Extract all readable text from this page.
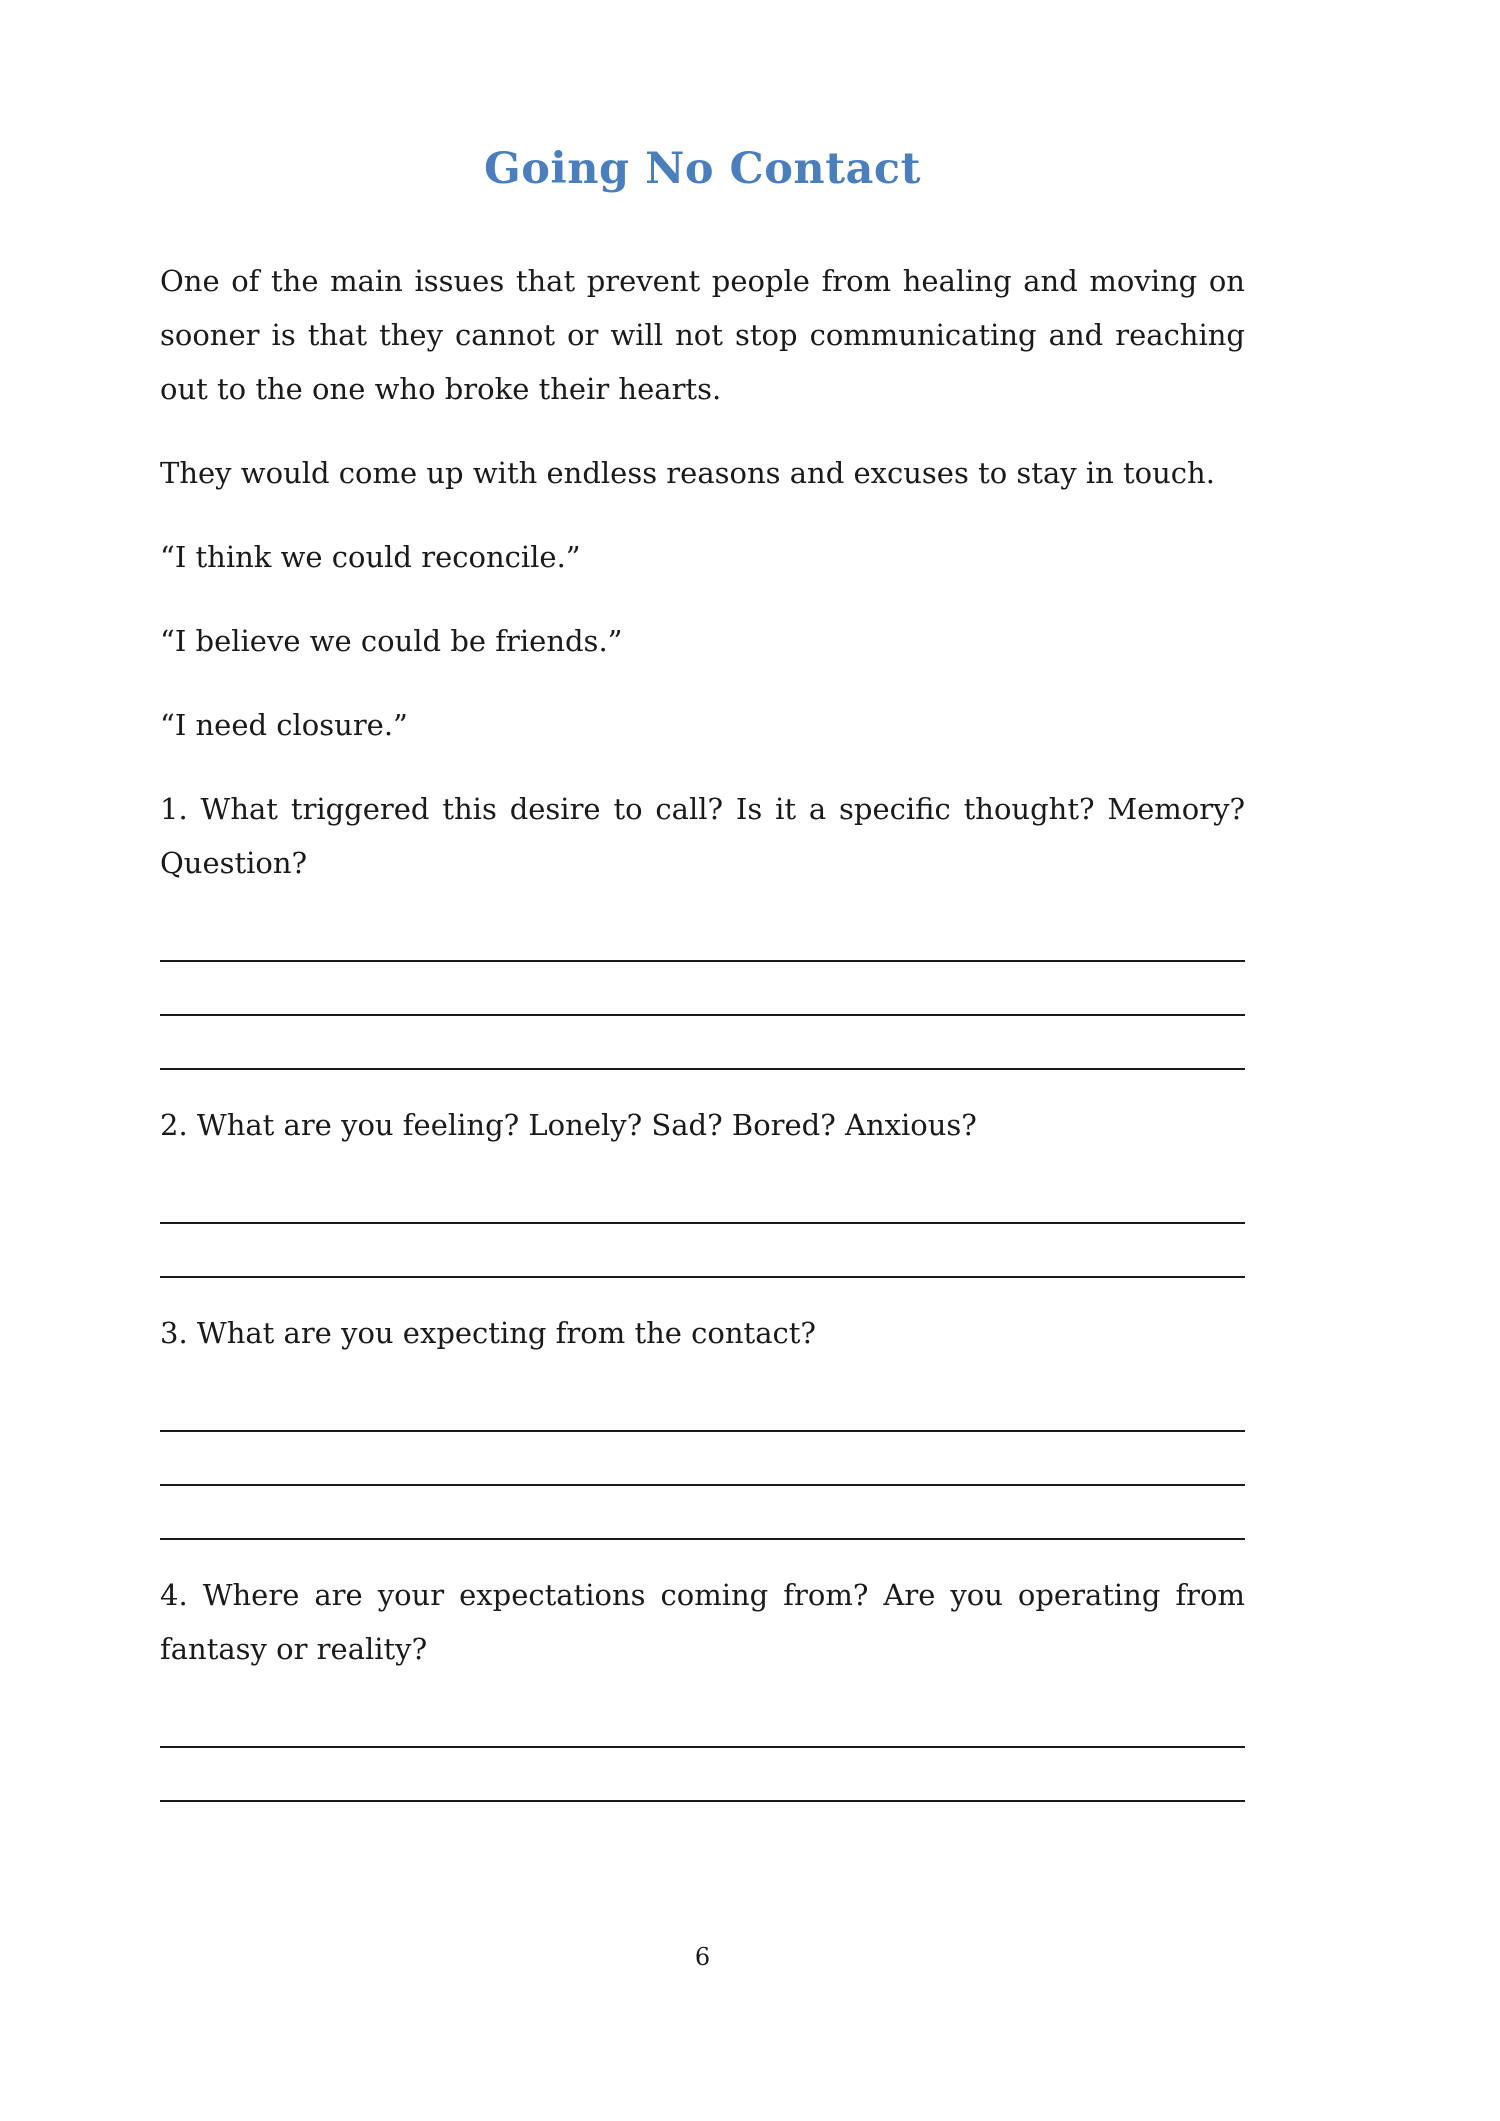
Going No Contact

One of the main issues that prevent people from healing and moving on sooner is that they cannot or will not stop communicating and reaching out to the one who broke their hearts.

They would come up with endless reasons and excuses to stay in touch.

“I think we could reconcile.”

“I believe we could be friends.”

“I need closure.”

1. What triggered this desire to call? Is it a specific thought? Memory? Question?

2. What are you feeling? Lonely? Sad? Bored? Anxious?

3. What are you expecting from the contact?

4. Where are your expectations coming from? Are you operating from fantasy or reality?

6
